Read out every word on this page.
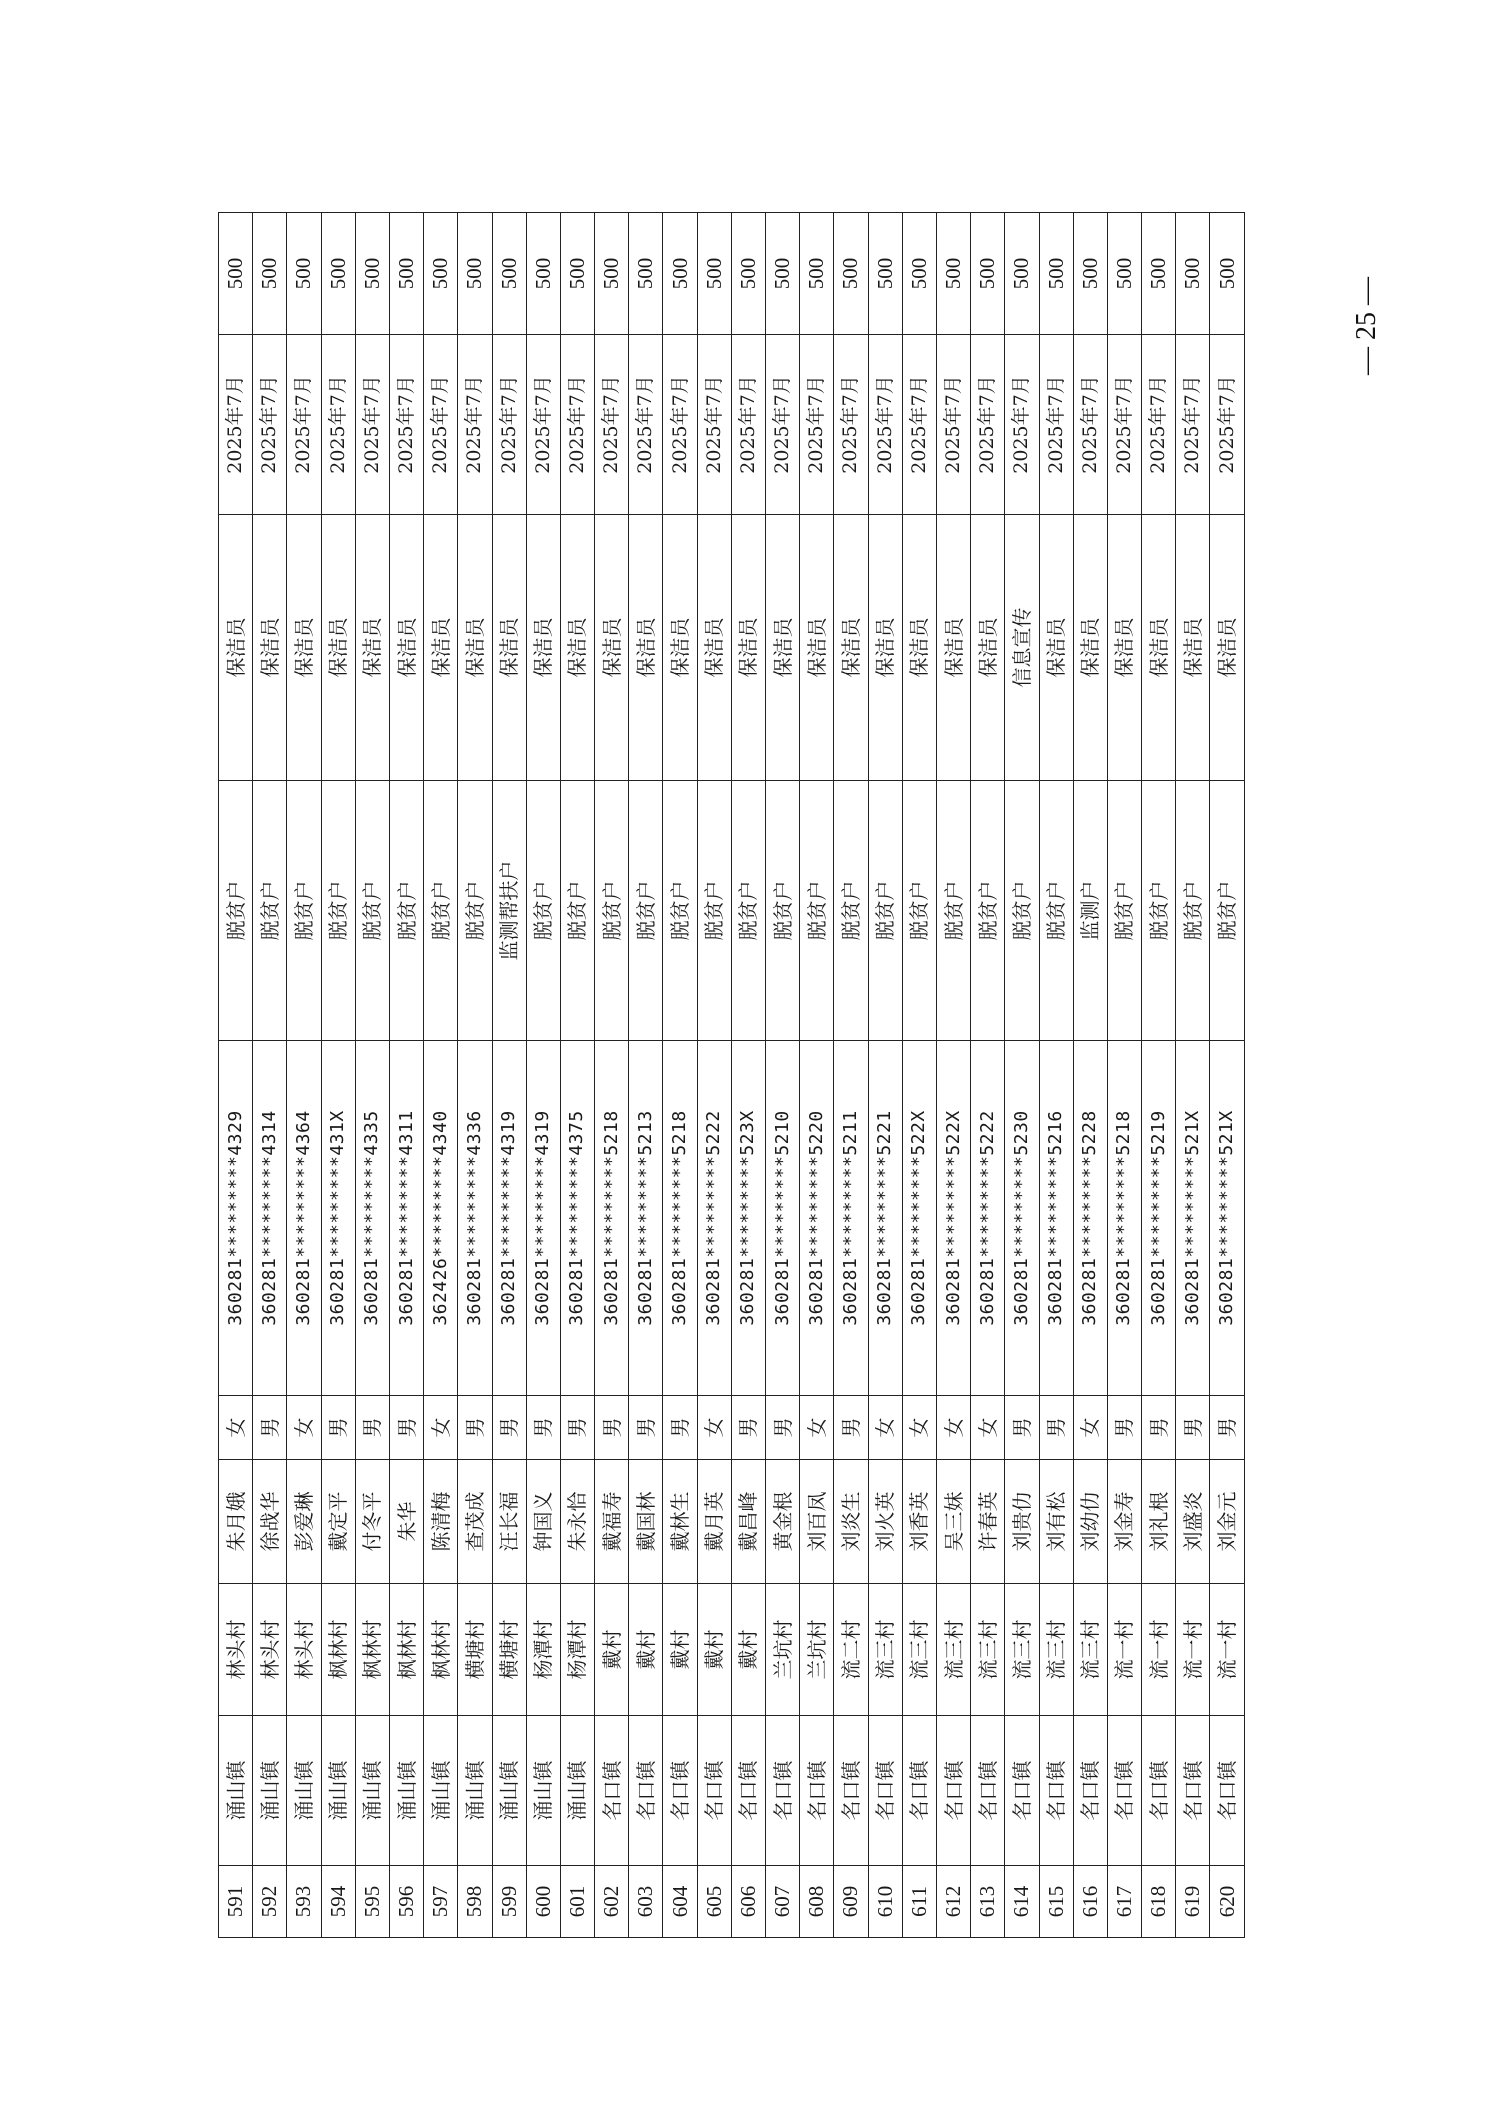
591	涌山镇	林头村	朱月娥	女	360281*********4329	脱贫户	保洁员	2025年7月	500
592	涌山镇	林头村	徐战华	男	360281*********4314	脱贫户	保洁员	2025年7月	500
593	涌山镇	林头村	彭爱琳	女	360281*********4364	脱贫户	保洁员	2025年7月	500
594	涌山镇	枫林村	戴定平	男	360281*********431X	脱贫户	保洁员	2025年7月	500
595	涌山镇	枫林村	付冬平	男	360281*********4335	脱贫户	保洁员	2025年7月	500
596	涌山镇	枫林村	朱华	男	360281*********4311	脱贫户	保洁员	2025年7月	500
597	涌山镇	枫林村	陈清梅	女	362426*********4340	脱贫户	保洁员	2025年7月	500
598	涌山镇	横塘村	查茂成	男	360281*********4336	脱贫户	保洁员	2025年7月	500
599	涌山镇	横塘村	汪长福	男	360281*********4319	监测帮扶户	保洁员	2025年7月	500
600	涌山镇	杨潭村	钟国义	男	360281*********4319	脱贫户	保洁员	2025年7月	500
601	涌山镇	杨潭村	朱永恰	男	360281*********4375	脱贫户	保洁员	2025年7月	500
602	名口镇	戴村	戴福寿	男	360281*********5218	脱贫户	保洁员	2025年7月	500
603	名口镇	戴村	戴国林	男	360281*********5213	脱贫户	保洁员	2025年7月	500
604	名口镇	戴村	戴林生	男	360281*********5218	脱贫户	保洁员	2025年7月	500
605	名口镇	戴村	戴月英	女	360281*********5222	脱贫户	保洁员	2025年7月	500
606	名口镇	戴村	戴昌峰	男	360281*********523X	脱贫户	保洁员	2025年7月	500
607	名口镇	兰坑村	黄金根	男	360281*********5210	脱贫户	保洁员	2025年7月	500
608	名口镇	兰坑村	刘百凤	女	360281*********5220	脱贫户	保洁员	2025年7月	500
609	名口镇	流二村	刘炎生	男	360281*********5211	脱贫户	保洁员	2025年7月	500
610	名口镇	流三村	刘火英	女	360281*********5221	脱贫户	保洁员	2025年7月	500
611	名口镇	流三村	刘香英	女	360281*********522X	脱贫户	保洁员	2025年7月	500
612	名口镇	流三村	吴三妹	女	360281*********522X	脱贫户	保洁员	2025年7月	500
613	名口镇	流三村	许春英	女	360281*********5222	脱贫户	保洁员	2025年7月	500
614	名口镇	流三村	刘贵仂	男	360281*********5230	脱贫户	信息宣传	2025年7月	500
615	名口镇	流三村	刘有松	男	360281*********5216	脱贫户	保洁员	2025年7月	500
616	名口镇	流三村	刘幼仂	女	360281*********5228	监测户	保洁员	2025年7月	500
617	名口镇	流一村	刘金寿	男	360281*********5218	脱贫户	保洁员	2025年7月	500
618	名口镇	流一村	刘礼根	男	360281*********5219	脱贫户	保洁员	2025年7月	500
619	名口镇	流一村	刘盛炎	男	360281*********521X	脱贫户	保洁员	2025年7月	500
620	名口镇	流一村	刘金元	男	360281*********521X	脱贫户	保洁员	2025年7月	500
— 25 —
